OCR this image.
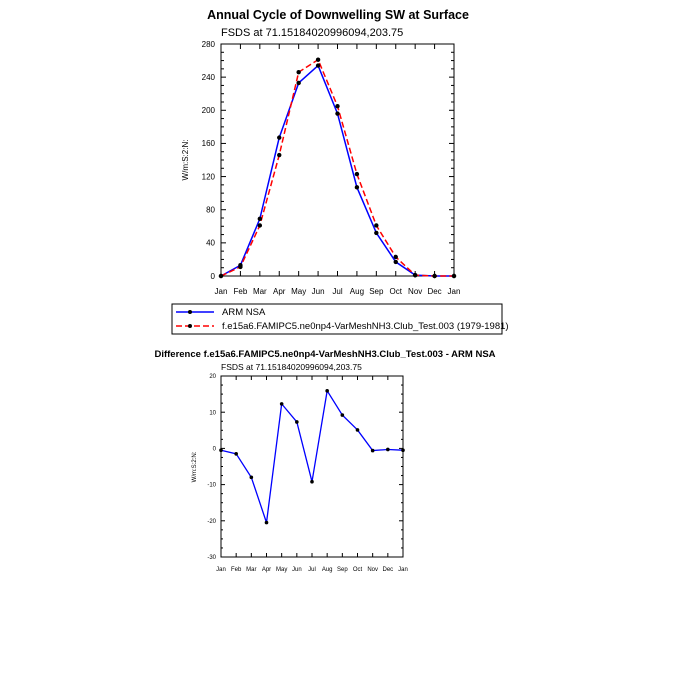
Annual Cycle of Downwelling SW at Surface
FSDS at 71.15184020996094,203.75
W/m:S:2:N:
0
40
80
120
160
200
240
280
Jan Feb Mar Apr May Jun Jul Aug Sep Oct Nov Dec Jan
ARM NSA
f.e15a6.FAMIPC5.ne0np4-VarMeshNH3.Club_Test.003 (1979-1981)
Difference f.e15a6.FAMIPC5.ne0np4-VarMeshNH3.Club_Test.003 - ARM NSA
FSDS at 71.15184020996094,203.75
W/m:S:2:N:
-30
-20
-10
0
10
20
Jan Feb Mar Apr May Jun Jul Aug Sep Oct Nov Dec Jan
